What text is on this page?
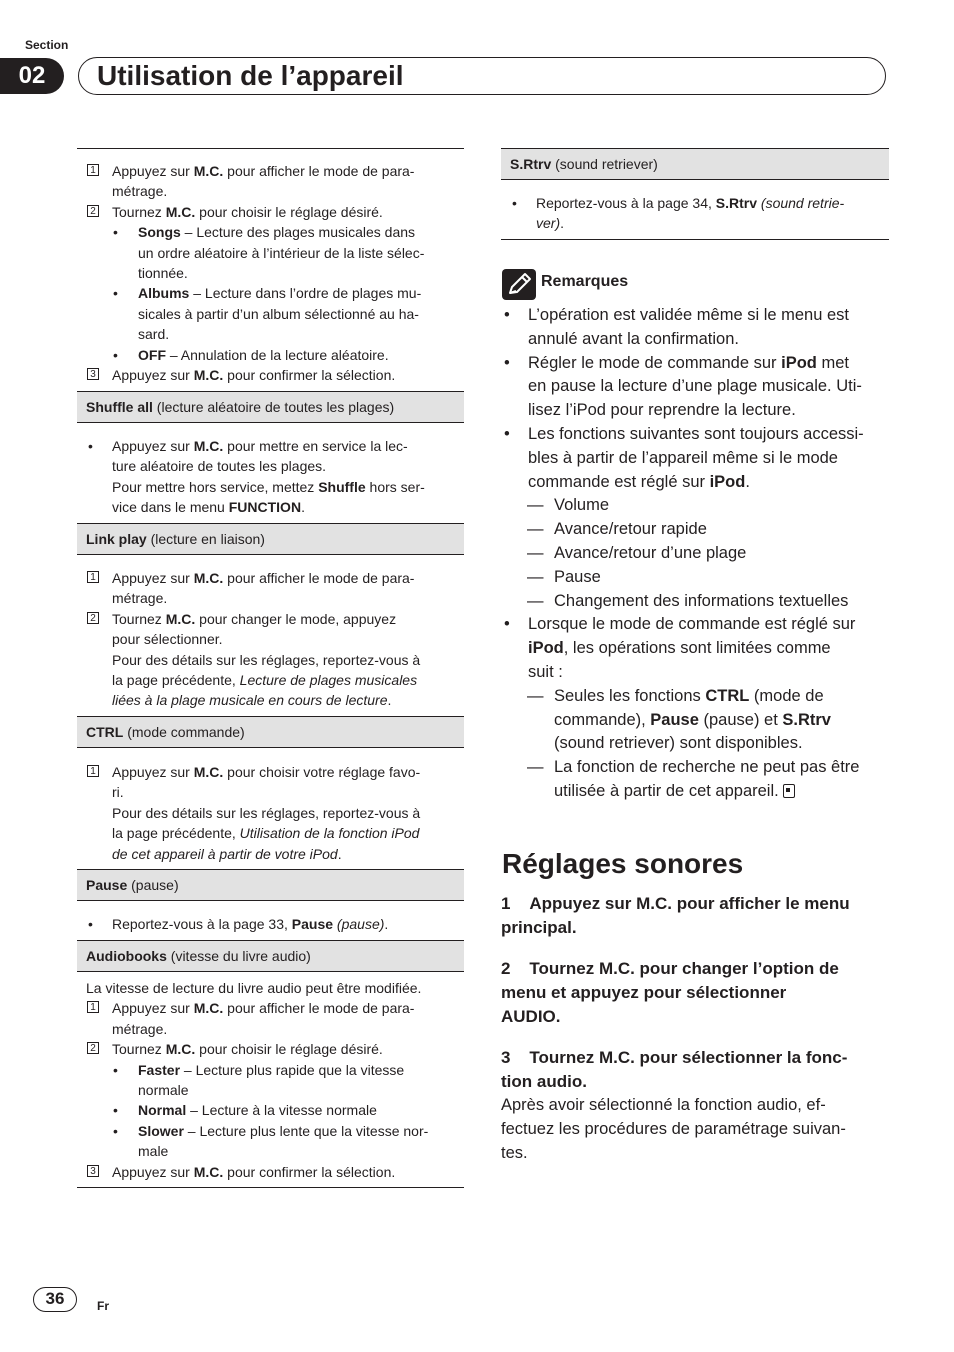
Section
02	Utilisation de l’appareil
1 Appuyez sur M.C. pour afficher le mode de para-
métrage.
2 Tournez M.C. pour choisir le réglage désiré.
• Songs – Lecture des plages musicales dans
un ordre aléatoire à l’intérieur de la liste sélec-
tionnée.
• Albums – Lecture dans l’ordre de plages mu-
sicales à partir d’un album sélectionné au ha-
sard.
• OFF – Annulation de la lecture aléatoire.
3 Appuyez sur M.C. pour confirmer la sélection.
Shuffle all (lecture aléatoire de toutes les plages)
• Appuyez sur M.C. pour mettre en service la lec-
ture aléatoire de toutes les plages.
Pour mettre hors service, mettez Shuffle hors ser-
vice dans le menu FUNCTION.
Link play (lecture en liaison)
1 Appuyez sur M.C. pour afficher le mode de para-
métrage.
2 Tournez M.C. pour changer le mode, appuyez
pour sélectionner.
Pour des détails sur les réglages, reportez-vous à
la page précédente, Lecture de plages musicales
liées à la plage musicale en cours de lecture.
CTRL (mode commande)
1 Appuyez sur M.C. pour choisir votre réglage favo-
ri.
Pour des détails sur les réglages, reportez-vous à
la page précédente, Utilisation de la fonction iPod
de cet appareil à partir de votre iPod.
Pause (pause)
• Reportez-vous à la page 33, Pause (pause).
Audiobooks (vitesse du livre audio)
La vitesse de lecture du livre audio peut être modifiée.
1 Appuyez sur M.C. pour afficher le mode de para-
métrage.
2 Tournez M.C. pour choisir le réglage désiré.
• Faster – Lecture plus rapide que la vitesse
normale
• Normal – Lecture à la vitesse normale
• Slower – Lecture plus lente que la vitesse nor-
male
3 Appuyez sur M.C. pour confirmer la sélection.
S.Rtrv (sound retriever)
• Reportez-vous à la page 34, S.Rtrv (sound retrie-
ver).
Remarques
• L’opération est validée même si le menu est
annulé avant la confirmation.
• Régler le mode de commande sur iPod met
en pause la lecture d’une plage musicale. Uti-
lisez l’iPod pour reprendre la lecture.
• Les fonctions suivantes sont toujours accessi-
bles à partir de l’appareil même si le mode
commande est réglé sur iPod.
— Volume
— Avance/retour rapide
— Avance/retour d’une plage
— Pause
— Changement des informations textuelles
• Lorsque le mode de commande est réglé sur
iPod, les opérations sont limitées comme
suit :
— Seules les fonctions CTRL (mode de
commande), Pause (pause) et S.Rtrv
(sound retriever) sont disponibles.
— La fonction de recherche ne peut pas être
utilisée à partir de cet appareil.
Réglages sonores
1 Appuyez sur M.C. pour afficher le menu
principal.
2 Tournez M.C. pour changer l’option de
menu et appuyez pour sélectionner
AUDIO.
3 Tournez M.C. pour sélectionner la fonc-
tion audio.
Après avoir sélectionné la fonction audio, ef-
fectuez les procédures de paramétrage suivan-
tes.
36	Fr
